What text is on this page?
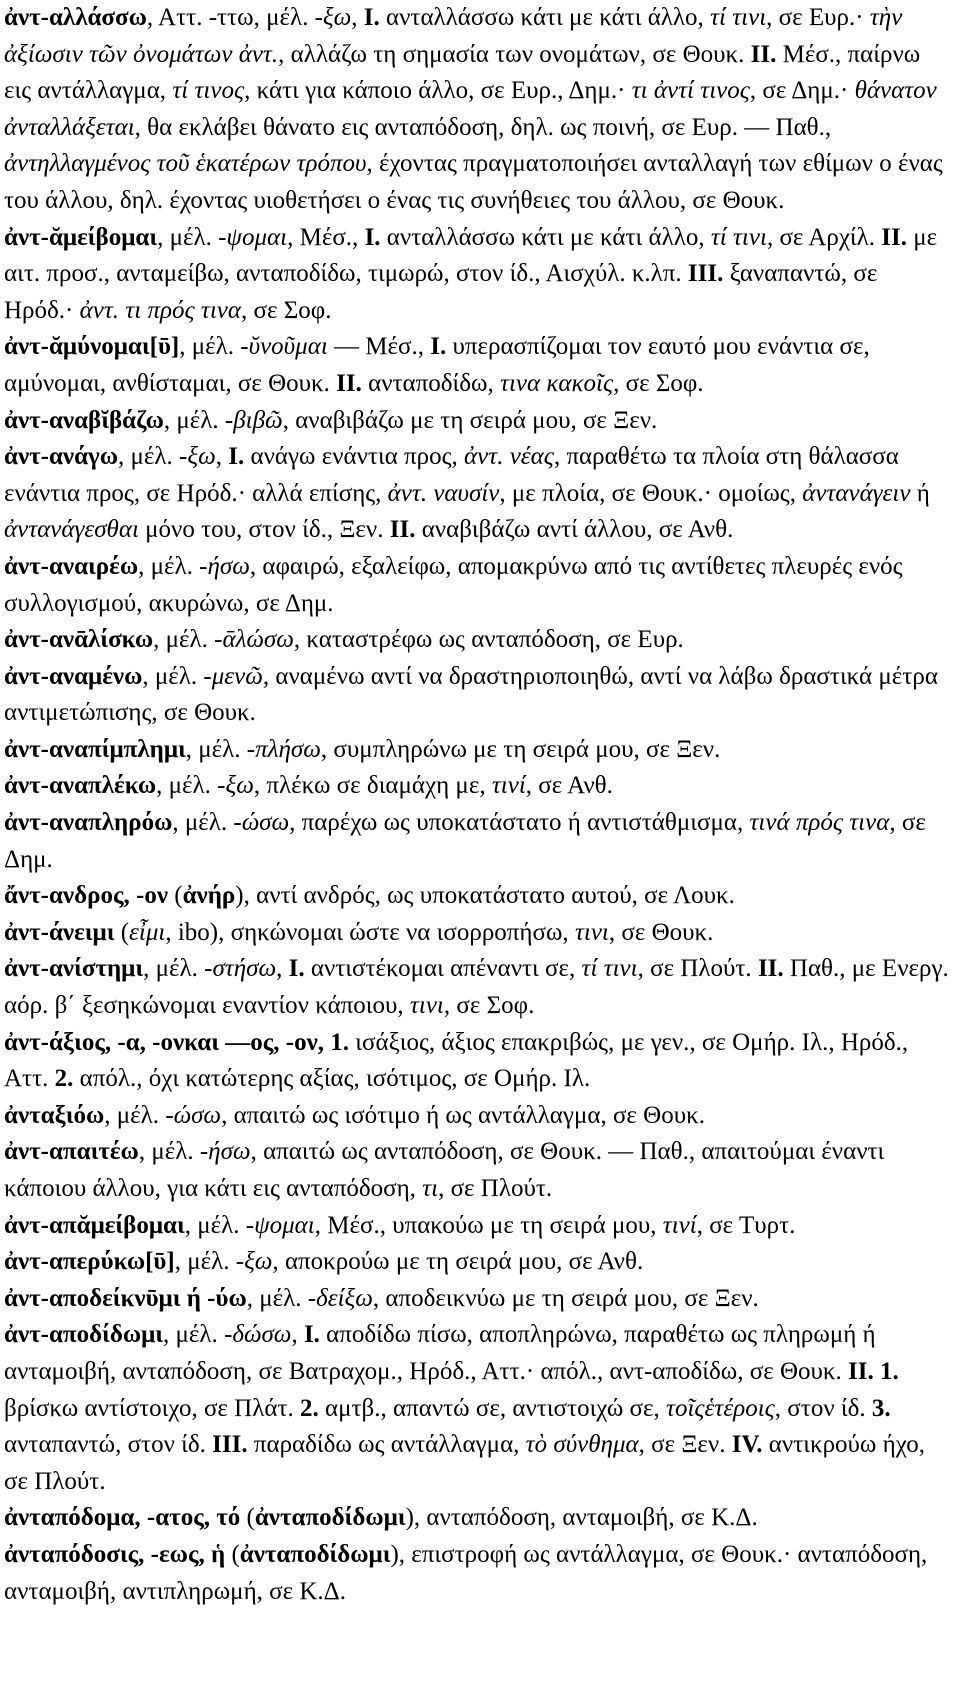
ἀντ-αλλάσσω, Αττ. -ττω, μέλ. -ξω, I. ανταλλάσσω κάτι με κάτι άλλο, τί τινι, σε Ευρ.· τὴν ἀξίωσιν τῶν ὀνομάτων ἀντ., αλλάζω τη σημασία των ονομάτων, σε Θουκ. II. Μέσ., παίρνω εις αντάλλαγμα, τί τινος, κάτι για κάποιο άλλο, σε Ευρ., Δημ.· τι ἀντί τινος, σε Δημ.· θάνατον ἀνταλλάξεται, θα εκλάβει θάνατο εις ανταπόδοση, δηλ. ως ποινή, σε Ευρ. — Παθ., ἀντηλλαγμένος τοῦ ἑκατέρων τρόπου, έχοντας πραγματοποιήσει ανταλλαγή των εθίμων ο ένας του άλλου, δηλ. έχοντας υιοθετήσει ο ένας τις συνήθειες του άλλου, σε Θουκ.

ἀντ-ᾰμείβομαι, μέλ. -ψομαι, Μέσ., I. ανταλλάσσω κάτι με κάτι άλλο, τί τινι, σε Αρχίλ. II. με αιτ. προσ., ανταμείβω, ανταποδίδω, τιμωρώ, στον ίδ., Αισχύλ. κ.λπ. III. ξαναπαντώ, σε Ηρόδ.· ἀντ. τι πρός τινα, σε Σοφ.

ἀντ-ᾰμύνομαι[ῡ], μέλ. -ῠνοῦμαι — Μέσ., I. υπερασπίζομαι τον εαυτό μου ενάντια σε, αμύνομαι, ανθίσταμαι, σε Θουκ. II. ανταποδίδω, τινα κακοῖς, σε Σοφ.

ἀντ-αναβῐβάζω, μέλ. -βιβῶ, αναβιβάζω με τη σειρά μου, σε Ξεν.

ἀντ-ανάγω, μέλ. -ξω, I. ανάγω ενάντια προς, ἀντ. νέας, παραθέτω τα πλοία στη θάλασσα ενάντια προς, σε Ηρόδ.· αλλά επίσης, ἀντ. ναυσίν, με πλοία, σε Θουκ.· ομοίως, ἀντανάγειν ή ἀντανάγεσθαι μόνο του, στον ίδ., Ξεν. II. αναβιβάζω αντί άλλου, σε Ανθ.

ἀντ-αναιρέω, μέλ. -ήσω, αφαιρώ, εξαλείφω, απομακρύνω από τις αντίθετες πλευρές ενός συλλογισμού, ακυρώνω, σε Δημ.

ἀντ-ανᾱλίσκω, μέλ. -ᾱλώσω, καταστρέφω ως ανταπόδοση, σε Ευρ.

ἀντ-αναμένω, μέλ. -μενῶ, αναμένω αντί να δραστηριοποιηθώ, αντί να λάβω δραστικά μέτρα αντιμετώπισης, σε Θουκ.

ἀντ-αναπίμπλημι, μέλ. -πλήσω, συμπληρώνω με τη σειρά μου, σε Ξεν.

ἀντ-αναπλέκω, μέλ. -ξω, πλέκω σε διαμάχη με, τινί, σε Ανθ.

ἀντ-αναπληρόω, μέλ. -ώσω, παρέχω ως υποκατάστατο ή αντιστάθμισμα, τινά πρός τινα, σε Δημ.

ἄντ-ανδρος, -ον (ἀνήρ), αντί ανδρός, ως υποκατάστατο αυτού, σε Λουκ.

ἀντ-άνειμι (εἶμι, ibo), σηκώνομαι ώστε να ισορροπήσω, τινι, σε Θουκ.

ἀντ-ανίστημι, μέλ. -στήσω, I. αντιστέκομαι απέναντι σε, τί τινι, σε Πλούτ. II. Παθ., με Ενεργ. αόρ. β΄ ξεσηκώνομαι εναντίον κάποιου, τινι, σε Σοφ.

ἀντ-άξιος, -α, -ονκαι —ος, -ον, 1. ισάξιος, άξιος επακριβώς, με γεν., σε Ομήρ. Ιλ., Ηρόδ., Αττ. 2. απόλ., όχι κατώτερης αξίας, ισότιμος, σε Ομήρ. Ιλ.

ἀνταξιόω, μέλ. -ώσω, απαιτώ ως ισότιμο ή ως αντάλλαγμα, σε Θουκ.

ἀντ-απαιτέω, μέλ. -ήσω, απαιτώ ως ανταπόδοση, σε Θουκ. — Παθ., απαιτούμαι έναντι κάποιου άλλου, για κάτι εις ανταπόδοση, τι, σε Πλούτ.

ἀντ-απᾰμείβομαι, μέλ. -ψομαι, Μέσ., υπακούω με τη σειρά μου, τινί, σε Τυρτ.

ἀντ-απερύκω[ῡ], μέλ. -ξω, αποκρούω με τη σειρά μου, σε Ανθ.

ἀντ-αποδείκνῡμι ή -ύω, μέλ. -δείξω, αποδεικνύω με τη σειρά μου, σε Ξεν.

ἀντ-αποδίδωμι, μέλ. -δώσω, I. αποδίδω πίσω, αποπληρώνω, παραθέτω ως πληρωμή ή ανταμοιβή, ανταπόδοση, σε Βατραχομ., Ηρόδ., Αττ.· απόλ., αντ-αποδίδω, σε Θουκ. II. 1. βρίσκω αντίστοιχο, σε Πλάτ. 2. αμτβ., απαντώ σε, αντιστοιχώ σε, τοῖςἑτέροις, στον ίδ. 3. ανταπαντώ, στον ίδ. III. παραδίδω ως αντάλλαγμα, τὸ σύνθημα, σε Ξεν. IV. αντικρούω ήχο, σε Πλούτ.

ἀνταπόδομα, -ατος, τό (ἀνταποδίδωμι), ανταπόδοση, ανταμοιβή, σε Κ.Δ.

ἀνταπόδοσις, -εως, ἡ (ἀνταποδίδωμι), επιστροφή ως αντάλλαγμα, σε Θουκ.· ανταπόδοση, ανταμοιβή, αντιπληρωμή, σε Κ.Δ.
